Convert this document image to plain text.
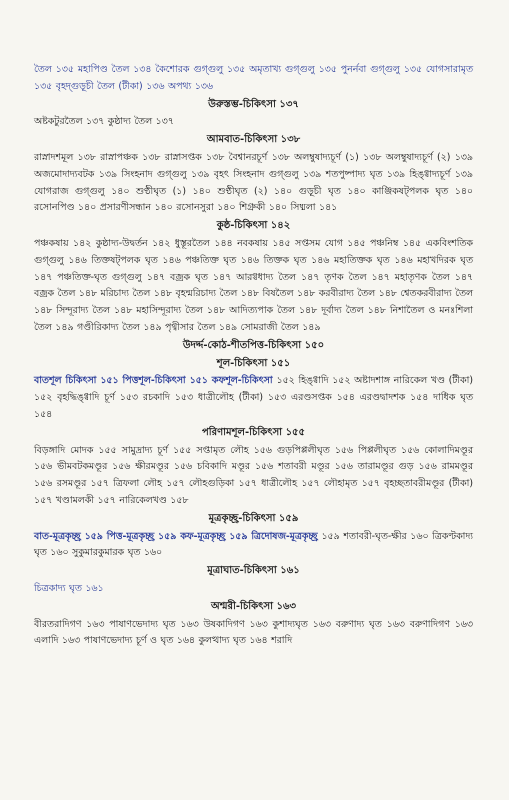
তৈল ১৩৫ মহাপিণ্ড তৈল ১৩৪ কৈশোরক গুগ্‌গুলু ১৩৫ অমৃতাখ্য গুগ্‌গুলু ১৩৫ পুনর্নবা গুগ্‌গুলু ১৩৫ যোগসারামৃত ১৩৫ বৃহদ্গুড়ূচী তৈল (টীকা) ১৩৬ অপথ্য ১৩৬

উরুস্তম্ভ-চিকিৎসা ১৩৭

অষ্টকটুরতৈল ১৩৭ কুষ্ঠাদ্য তৈল ১৩৭

আমবাত-চিকিৎসা ১৩৮

রাস্নাদশমূল ১৩৮ রাস্নাপঞ্চক ১৩৮ রাস্নাসপ্তক ১৩৮ বৈশ্বানরচূর্ণ ১৩৮ অলম্বুষাদ্যচূর্ণ (১) ১৩৮ অলম্বুষাদ্যচূর্ণ (২) ১৩৯ অজমোদাদ্যবটক ১৩৯ সিংহনাদ গুগ্‌গুলু ১৩৯ বৃহৎ সিংহনাদ গুগ্‌গুলু ১৩৯ শতপুষ্পাদ্য ঘৃত ১৩৯ হিঙ্গ্বাদ্যচূর্ণ ১৩৯ যোগরাজ গুগ্‌গুলু ১৪০ শুণ্ঠীঘৃত (১) ১৪০ শুণ্ঠীঘৃত (২) ১৪০ গুড়ূচী ঘৃত ১৪০ কাঞ্জিকষট্‌পলক ঘৃত ১৪০ রসোনপিণ্ড ১৪০ প্রসারণীসন্ধান ১৪০ রসোনসুরা ১৪০ শিগ্রুকী ১৪০ সিধ্মলা ১৪১

কুষ্ঠ-চিকিৎসা ১৪২

পঞ্চকষায় ১৪২ কুষ্ঠাদ্য-উদ্বর্তন ১৪২ ধুস্তূরতৈল ১৪৪ নবকষায় ১৪৫ সপ্তসম যোগ ১৪৫ পঞ্চনিম্ব ১৪৫ একবিংশতিক গুগ্‌গুলু ১৪৬ তিক্তষট্‌পলক ঘৃত ১৪৬ পঞ্চতিক্ত ঘৃত ১৪৬ তিক্তক ঘৃত ১৪৬ মহাতিক্তক ঘৃত ১৪৬ মহাখদিরক ঘৃত ১৪৭ পঞ্চতিক্ত-ঘৃত গুগ্‌গুলু ১৪৭ বজ্রক ঘৃত ১৪৭ আরগ্বধাদ্য তৈল ১৪৭ তৃণক তৈল ১৪৭ মহাতৃণক তৈল ১৪৭ বজ্রক তৈল ১৪৮ মরিচাদ্য তৈল ১৪৮ বৃহন্মরিচাদ্য তৈল ১৪৮ বিষতৈল ১৪৮ করবীরাদ্য তৈল ১৪৮ শ্বেতকরবীরাদ্য তৈল ১৪৮ সিন্দূরাদ্য তৈল ১৪৮ মহাসিন্দূরাদ্য তৈল ১৪৮ আদিত্যপাক তৈল ১৪৮ দূর্বাদ্য তৈল ১৪৮ নিশাতৈল ও মনঃশিলা তৈল ১৪৯ গণ্ডীরিকাদ্য তৈল ১৪৯ পৃথ্বীসার তৈল ১৪৯ সোমরাজী তৈল ১৪৯

উদর্দ্দ-কোঠ-শীতপিত্ত-চিকিৎসা ১৫০
শূল-চিকিৎসা ১৫১

বাতশূল চিকিৎসা ১৫১ পিত্তশূল-চিকিৎসা ১৫১ কফশূল-চিকিৎসা ১৫২ হিঙ্গ্বাদি ১৫২ অষ্টাদশাঙ্গ নারিকেল খণ্ড (টীকা) ১৫২ বৃহদ্ধিঙ্গ্বাদি চূর্ণ ১৫৩ রচকাদি ১৫৩ ধাত্রীলৌহ (টীকা) ১৫৩ এরণ্ডসপ্তক ১৫৪ এরণ্ডদ্বাদশক ১৫৪ দাধিক ঘৃত ১৫৪

পরিণামশূল-চিকিৎসা ১৫৫

বিড়ঙ্গাদি মোদক ১৫৫ সামুদ্রাদ্য চূর্ণ ১৫৫ সপ্তামৃত লৌহ ১৫৬ গুড়পিপ্পলীঘৃত ১৫৬ পিপ্পলীঘৃত ১৫৬ কোলাদিমণ্ডূর ১৫৬ ভীমবটকমণ্ডূর ১৫৬ ক্ষীরমণ্ডূর ১৫৬ চবিকাদি মণ্ডূর ১৫৬ শতাবরী মণ্ডূর ১৫৬ তারামণ্ডূর গুড় ১৫৬ রামমণ্ডূর ১৫৬ রসমণ্ডূর ১৫৭ ত্রিফলা লৌহ ১৫৭ লৌহগুড়িকা ১৫৭ ধাত্রীলৌহ ১৫৭ লৌহামৃত ১৫৭ বৃহচ্ছতাবরীমণ্ডূর (টীকা) ১৫৭ খণ্ডামলকী ১৫৭ নারিকেলখণ্ড ১৫৮

মূত্রকৃচ্ছ্র-চিকিৎসা ১৫৯

বাত-মূত্রকৃচ্ছ্র ১৫৯ পিত্ত-মূত্রকৃচ্ছ্র ১৫৯ কফ-মূত্রকৃচ্ছ্র ১৫৯ ত্রিদোষজ-মূত্রকৃচ্ছ্র ১৫৯ শতাবরী-ঘৃত-ক্ষীর ১৬০ ত্রিকণ্টকাদ্য ঘৃত ১৬০ সুকুমারকুমারক ঘৃত ১৬০

মূত্রাঘাত-চিকিৎসা ১৬১

চিত্রকাদ্য ঘৃত ১৬১

অশ্মরী-চিকিৎসা ১৬৩

বীরতরাদিগণ ১৬৩ পাষাণভেদাদ্য ঘৃত ১৬৩ উষকাদিগণ ১৬৩ কুশাদ্যঘৃত ১৬৩ বরুণাদ্য ঘৃত ১৬৩ বরুণাদিগণ ১৬৩ এলাদি ১৬৩ পাষাণভেদাদ্য চূর্ণ ও ঘৃত ১৬৪ কুলত্থাদ্য ঘৃত ১৬৪ শরাদি
